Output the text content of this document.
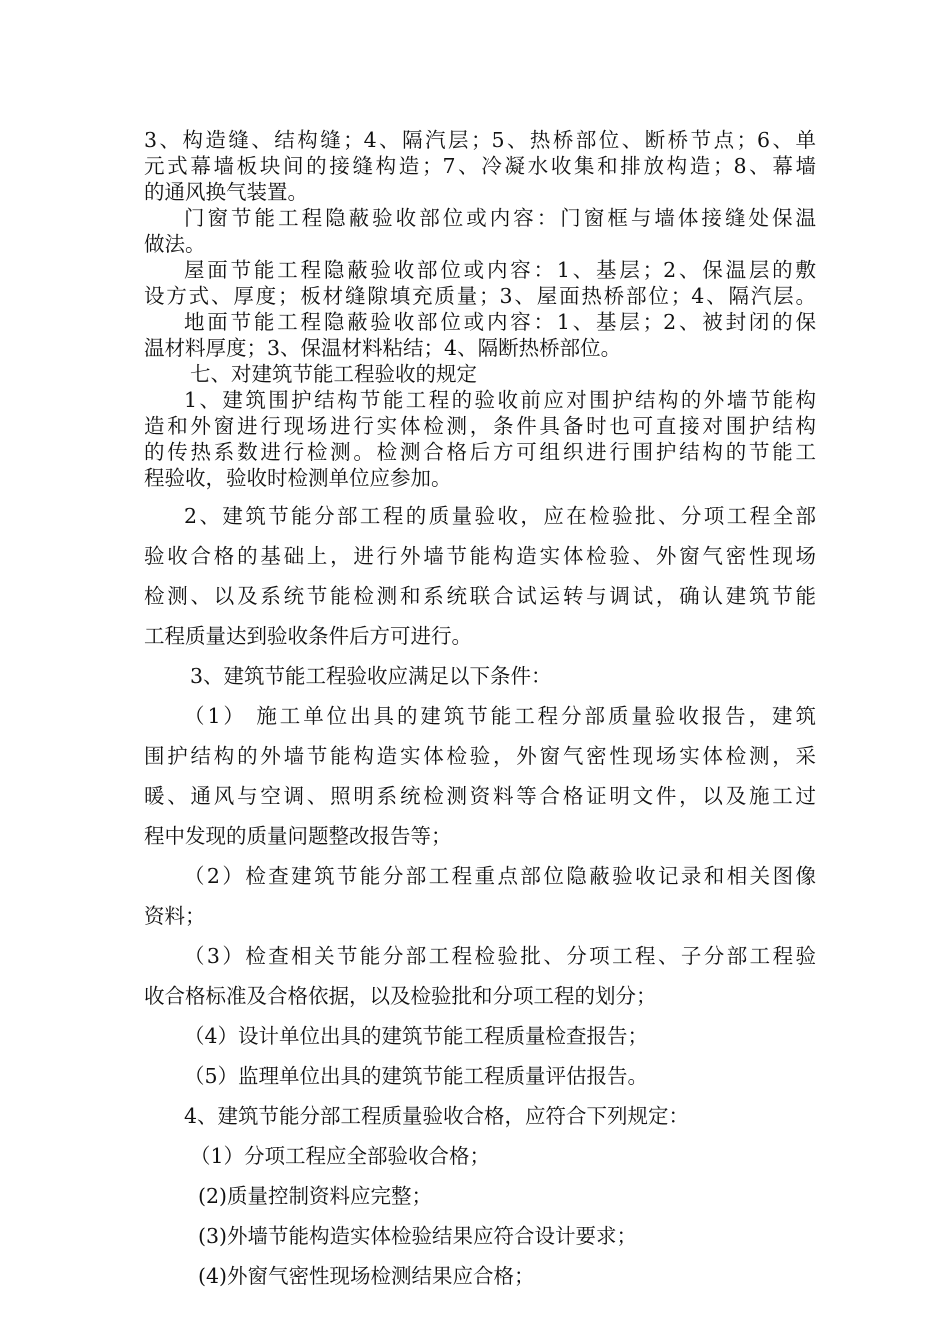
3、构造缝、结构缝；4、隔汽层；5、热桥部位、断桥节点；6、单
元式幕墙板块间的接缝构造；7、冷凝水收集和排放构造；8、幕墙
的通风换气装置。
门窗节能工程隐蔽验收部位或内容：门窗框与墙体接缝处保温
做法。
屋面节能工程隐蔽验收部位或内容：1、基层；2、保温层的敷
设方式、厚度；板材缝隙填充质量；3、屋面热桥部位；4、隔汽层。
地面节能工程隐蔽验收部位或内容：1、基层；2、被封闭的保
温材料厚度；3、保温材料粘结；4、隔断热桥部位。
七、对建筑节能工程验收的规定
1、建筑围护结构节能工程的验收前应对围护结构的外墙节能构
造和外窗进行现场进行实体检测，条件具备时也可直接对围护结构
的传热系数进行检测。检测合格后方可组织进行围护结构的节能工
程验收，验收时检测单位应参加。
2、建筑节能分部工程的质量验收，应在检验批、分项工程全部
验收合格的基础上，进行外墙节能构造实体检验、外窗气密性现场
检测、以及系统节能检测和系统联合试运转与调试，确认建筑节能
工程质量达到验收条件后方可进行。
3、建筑节能工程验收应满足以下条件：
（1） 施工单位出具的建筑节能工程分部质量验收报告，建筑
围护结构的外墙节能构造实体检验，外窗气密性现场实体检测，采
暖、通风与空调、照明系统检测资料等合格证明文件，以及施工过
程中发现的质量问题整改报告等；
（2）检查建筑节能分部工程重点部位隐蔽验收记录和相关图像
资料；
（3）检查相关节能分部工程检验批、分项工程、子分部工程验
收合格标准及合格依据，以及检验批和分项工程的划分；
（4）设计单位出具的建筑节能工程质量检查报告；
（5）监理单位出具的建筑节能工程质量评估报告。
4、建筑节能分部工程质量验收合格，应符合下列规定：
（1）分项工程应全部验收合格；
(2)质量控制资料应完整；
(3)外墙节能构造实体检验结果应符合设计要求；
(4)外窗气密性现场检测结果应合格；
